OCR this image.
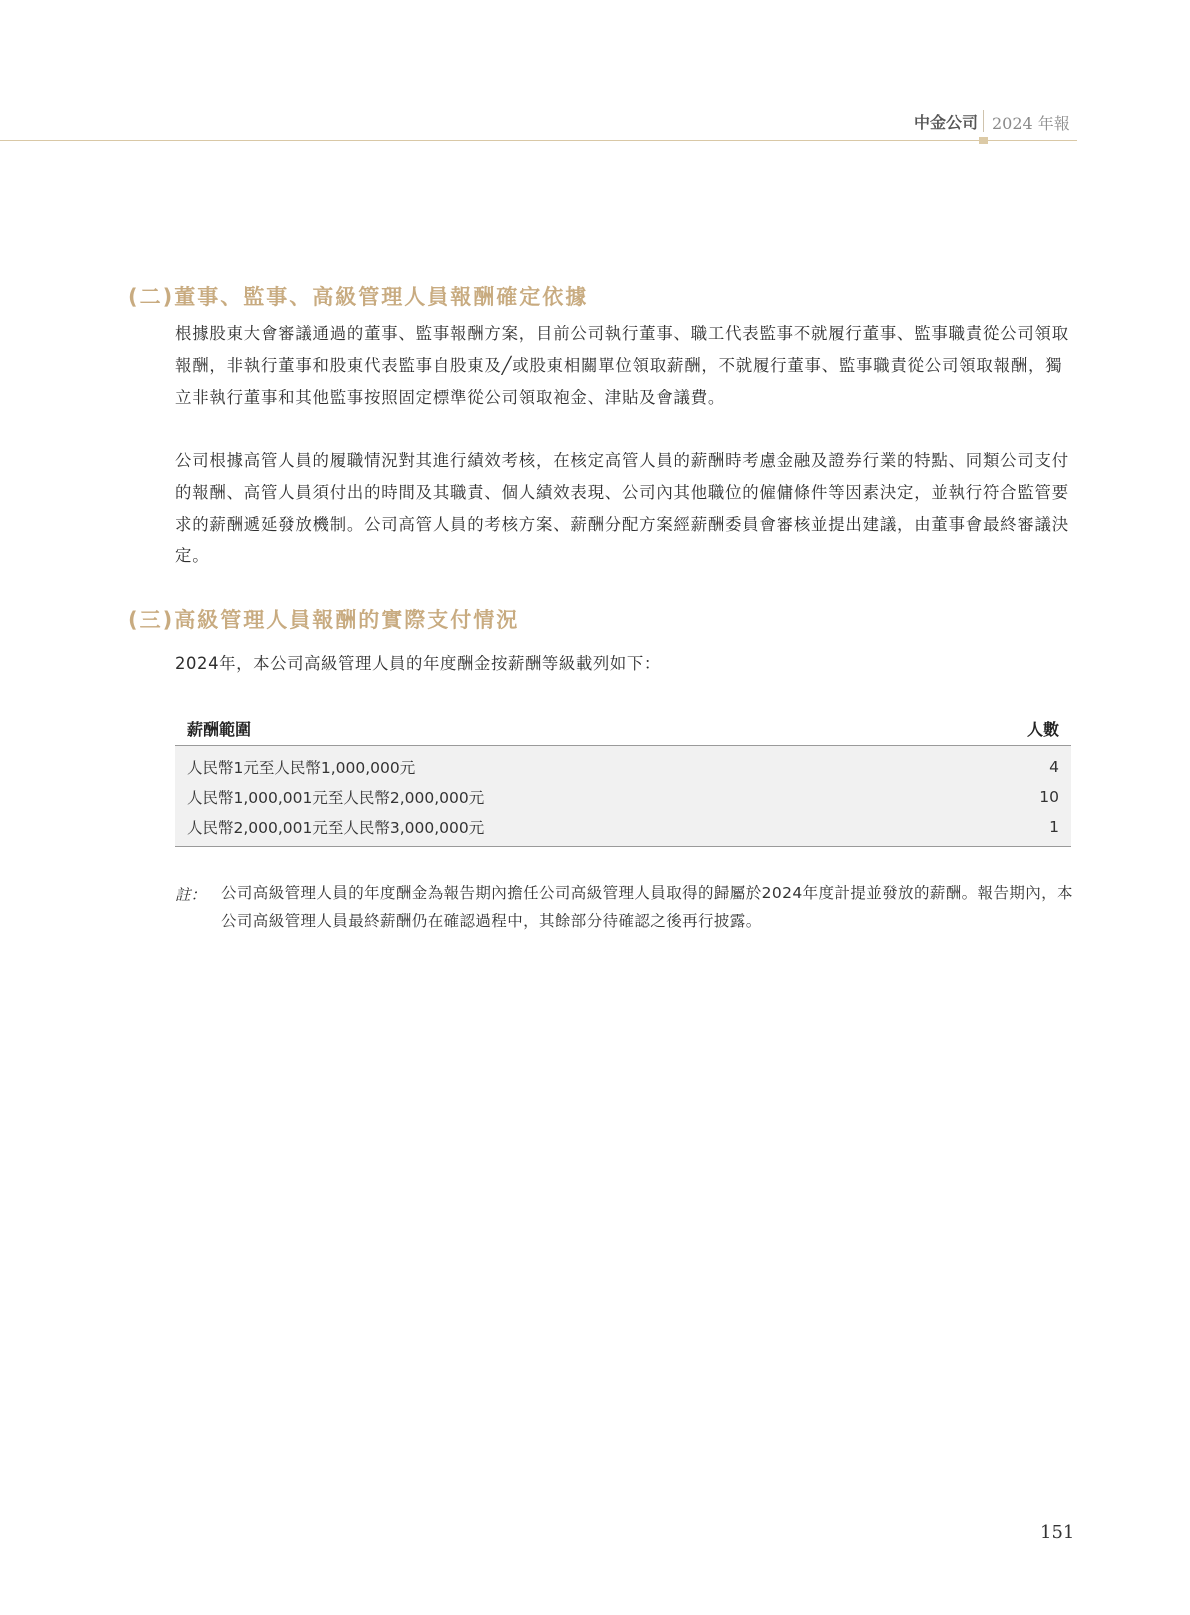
中金公司 2024 年報
(二)董事、監事、高級管理人員報酬確定依據

根據股東大會審議通過的董事、監事報酬方案，目前公司執行董事、職工代表監事不就履行董事、監事職責從公司領取報酬，非執行董事和股東代表監事自股東及╱或股東相關單位領取薪酬，不就履行董事、監事職責從公司領取報酬，獨立非執行董事和其他監事按照固定標準從公司領取袍金、津貼及會議費。

公司根據高管人員的履職情況對其進行績效考核，在核定高管人員的薪酬時考慮金融及證券行業的特點、同類公司支付的報酬、高管人員須付出的時間及其職責、個人績效表現、公司內其他職位的僱傭條件等因素決定，並執行符合監管要求的薪酬遞延發放機制。公司高管人員的考核方案、薪酬分配方案經薪酬委員會審核並提出建議，由董事會最終審議決定。

(三)高級管理人員報酬的實際支付情況
2024年，本公司高級管理人員的年度酬金按薪酬等級載列如下：
薪酬範圍	人數
人民幣1元至人民幣1,000,000元	4
人民幣1,000,001元至人民幣2,000,000元	10
人民幣2,000,001元至人民幣3,000,000元	1
註： 公司高級管理人員的年度酬金為報告期內擔任公司高級管理人員取得的歸屬於2024年度計提並發放的薪酬。報告期內，本公司高級管理人員最終薪酬仍在確認過程中，其餘部分待確認之後再行披露。

151
